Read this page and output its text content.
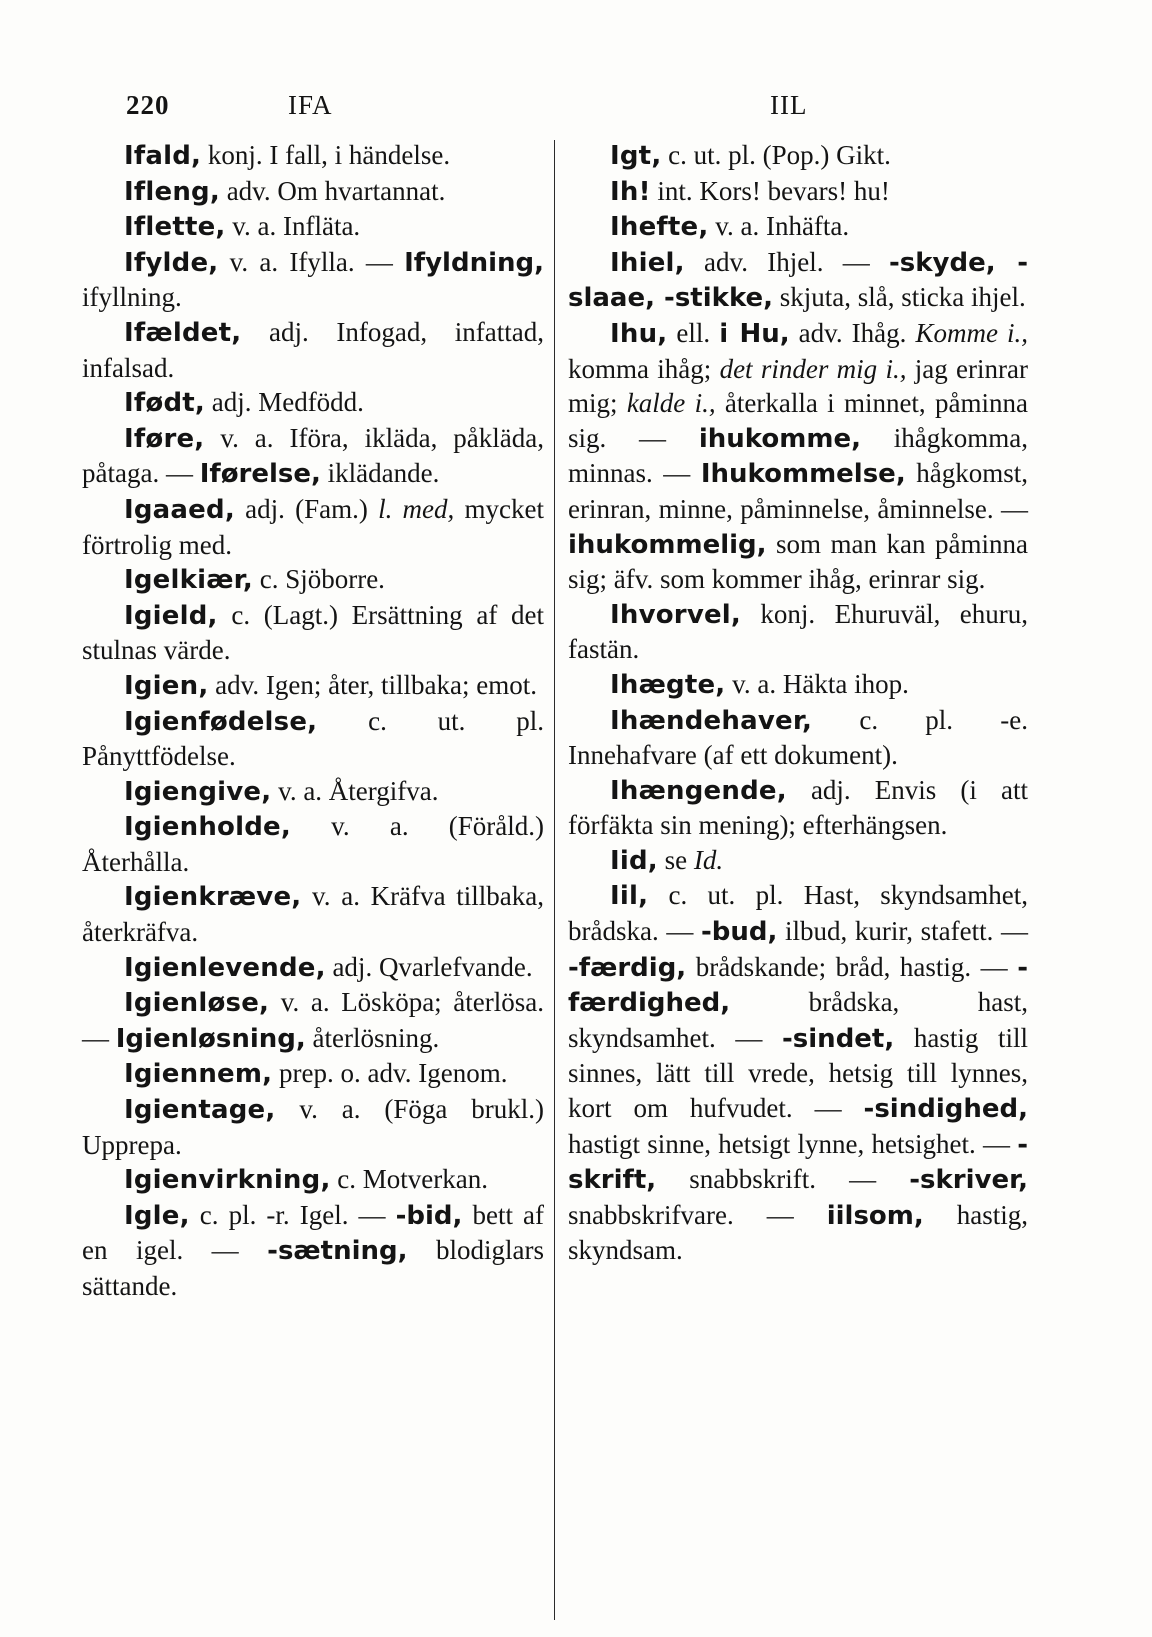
220	IFA	IIL

Ifald, konj. I fall, i händelse.

Ifleng, adv. Om hvartannat.

Iflette, v. a. Infläta.

Ifylde, v. a. Ifylla. — Ifyldning, ifyllning.

Ifældet, adj. Infogad, infattad, infalsad.

Ifødt, adj. Medfödd.

Iføre, v. a. Iföra, ikläda, påkläda, påtaga. — Iførelse, iklädande.

Igaaed, adj. (Fam.) l. med, mycket förtrolig med.

Igelkiær, c. Sjöborre.

Igield, c. (Lagt.) Ersättning af det stulnas värde.

Igien, adv. Igen; åter, tillbaka; emot.

Igienfødelse, c. ut. pl. Pånyttfödelse.

Igiengive, v. a. Återgifva.

Igienholde, v. a. (Föråld.) Återhålla.

Igienkræve, v. a. Kräfva tillbaka, återkräfva.

Igienlevende, adj. Qvarlefvande.

Igienløse, v. a. Lösköpa; återlösa. — Igienløsning, återlösning.

Igiennem, prep. o. adv. Igenom.

Igientage, v. a. (Föga brukl.) Upprepa.

Igienvirkning, c. Motverkan.

Igle, c. pl. -r. Igel. — -bid, bett af en igel. — -sætning, blodiglars sättande.

Igt, c. ut. pl. (Pop.) Gikt.

Ih! int. Kors! bevars! hu!

Ihefte, v. a. Inhäfta.

Ihiel, adv. Ihjel. — -skyde, -slaae, -stikke, skjuta, slå, sticka ihjel.

Ihu, ell. i Hu, adv. Ihåg. Komme i., komma ihåg; det rinder mig i., jag erinrar mig; kalde i., återkalla i minnet, påminna sig. — ihukomme, ihågkomma, minnas. — Ihukommelse, hågkomst, erinran, minne, påminnelse, åminnelse. — ihukommelig, som man kan påminna sig; äfv. som kommer ihåg, erinrar sig.

Ihvorvel, konj. Ehuruväl, ehuru, fastän.

Ihægte, v. a. Häkta ihop.

Ihændehaver, c. pl. -e. Innehafvare (af ett dokument).

Ihængende, adj. Envis (i att förfäkta sin mening); efterhängsen.

Iid, se Id.

Iil, c. ut. pl. Hast, skyndsamhet, brådska. — -bud, ilbud, kurir, stafett. — -færdig, brådskande; bråd, hastig. — -færdighed, brådska, hast, skyndsamhet. — -sindet, hastig till sinnes, lätt till vrede, hetsig till lynnes, kort om hufvudet. — -sindighed, hastigt sinne, hetsigt lynne, hetsighet. — -skrift, snabbskrift. — -skriver, snabbskrifvare. — iilsom, hastig, skyndsam.
